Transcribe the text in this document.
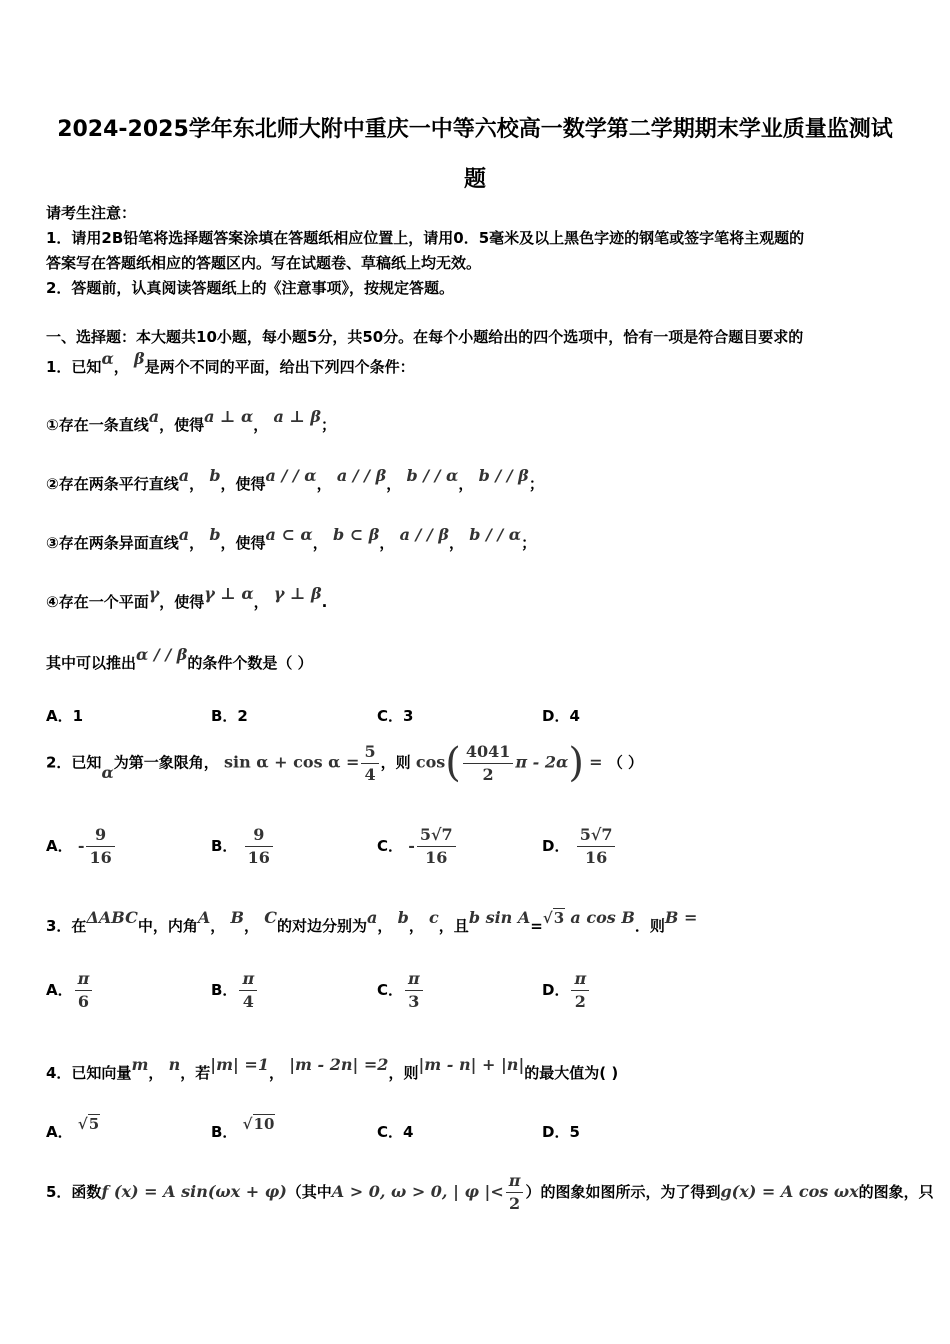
2024-2025学年东北师大附中重庆一中等六校高一数学第二学期期末学业质量监测试
题
请考生注意：
1．请用2B铅笔将选择题答案涂填在答题纸相应位置上，请用0．5毫米及以上黑色字迹的钢笔或签字笔将主观题的
答案写在答题纸相应的答题区内。写在试题卷、草稿纸上均无效。
2．答题前，认真阅读答题纸上的《注意事项》，按规定答题。
一、选择题：本大题共10小题，每小题5分，共50分。在每个小题给出的四个选项中，恰有一项是符合题目要求的
1．已知α， β是两个不同的平面，给出下列四个条件：
①存在一条直线a，使得a ⊥ α， a ⊥ β；
②存在两条平行直线a， b，使得a / / α， a / / β， b / / α， b / / β；
③存在两条异面直线a， b，使得a ⊂ α， b ⊂ β， a / / β， b / / α；
④存在一个平面γ，使得γ ⊥ α， γ ⊥ β.
其中可以推出α / / β的条件个数是（ ）
A．1	B．2	C．3	D．4
2．已知α为第一象限角， $\sin \alpha + \cos \alpha = \frac{5}{4}$ ，则 $\cos( \frac{4041}{2}$ π - 2α) = （ ）
A． - $\frac{9}{16}$	B． $\frac{9}{16}$	C． - $\frac{5√7}{16}$	D． $\frac{5√7}{16}$
3．在ΔABC中，内角A， B， C的对边分别为a， b， c，且b sin A=√3 a cos B．则B =
A． $\frac{\pi}{6}$	B． $\frac{\pi}{4}$	C． $\frac{\pi}{3}$	D． $\frac{\pi}{2}$
4．已知向量m， n，若|m| =1， |m - 2n| =2，则|m - n| + |n|的最大值为( )
A． √5	B． √10	C．4	D．5
5．函数f (x) = A sin(ωx + φ)（其中A > 0, ω > 0, | φ |< $\frac{\pi}{2}$ ）的图象如图所示，为了得到g(x) = A cos ωx的图象，只
